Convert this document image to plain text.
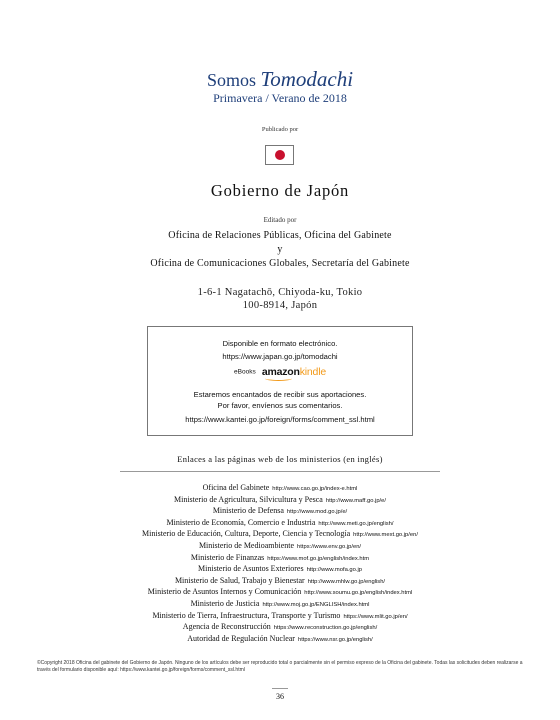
Somos Tomodachi
Primavera / Verano de 2018
Publicado por
Gobierno de Japón
Editado por
Oficina de Relaciones Públicas, Oficina del Gabinete
y
Oficina de Comunicaciones Globales, Secretaría del Gabinete
1-6-1 Nagatachō, Chiyoda-ku, Tokio
100-8914, Japón
Disponible en formato electrónico.
https://www.japan.go.jp/tomodachi
eBooks amazonkindle
Estaremos encantados de recibir sus aportaciones.
Por favor, envíenos sus comentarios.
https://www.kantei.go.jp/foreign/forms/comment_ssl.html
Enlaces a las páginas web de los ministerios (en inglés)
Oficina del Gabinete http://www.cao.go.jp/index-e.html
Ministerio de Agricultura, Silvicultura y Pesca http://www.maff.go.jp/e/
Ministerio de Defensa http://www.mod.go.jp/e/
Ministerio de Economía, Comercio e Industria http://www.meti.go.jp/english/
Ministerio de Educación, Cultura, Deporte, Ciencia y Tecnología http://www.mext.go.jp/en/
Ministerio de Medioambiente https://www.env.go.jp/en/
Ministerio de Finanzas https://www.mof.go.jp/english/index.htm
Ministerio de Asuntos Exteriores http://www.mofa.go.jp
Ministerio de Salud, Trabajo y Bienestar http://www.mhlw.go.jp/english/
Ministerio de Asuntos Internos y Comunicación http://www.soumu.go.jp/english/index.html
Ministerio de Justicia http://www.moj.go.jp/ENGLISH/index.html
Ministerio de Tierra, Infraestructura, Transporte y Turismo https://www.mlit.go.jp/en/
Agencia de Reconstrucción https://www.reconstruction.go.jp/english/
Autoridad de Regulación Nuclear https://www.nsr.go.jp/english/
©Copyright 2018 Oficina del gabinete del Gobierno de Japón. Ninguno de los artículos debe ser reproducido total o parcialmente sin el permiso expreso de la Oficina del gabinete. Todas las solicitudes deben realizarse a través del formulario disponible aquí: https://www.kantei.go.jp/foreign/forms/comment_ssl.html
36
